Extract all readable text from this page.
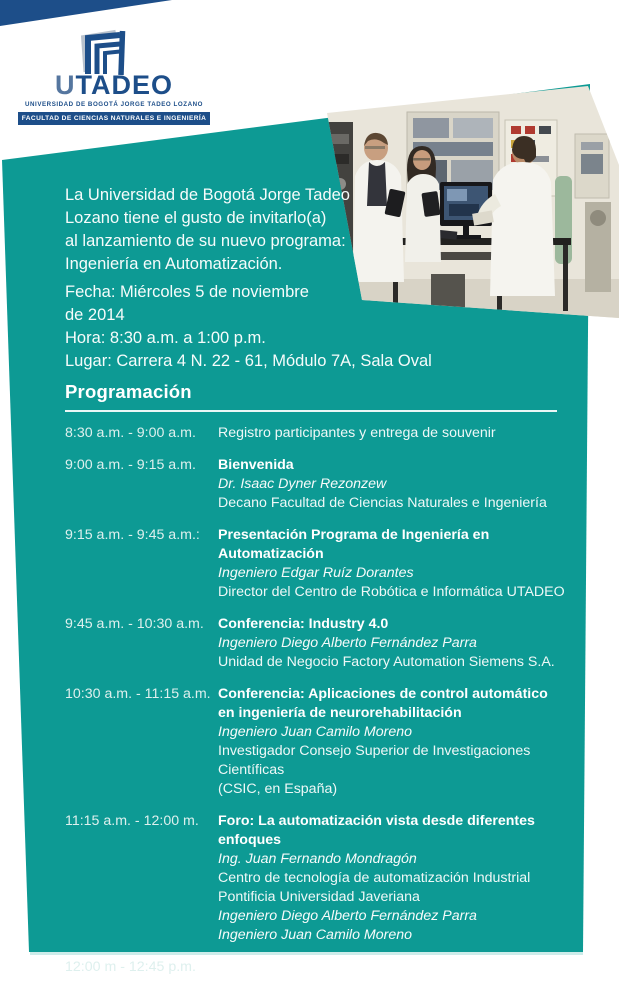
UTADEO
UNIVERSIDAD DE BOGOTÁ JORGE TADEO LOZANO
FACULTAD DE CIENCIAS NATURALES E INGENIERÍA
La Universidad de Bogotá Jorge Tadeo
Lozano tiene el gusto de invitarlo(a)
al lanzamiento de su nuevo programa:
Ingeniería en Automatización.
Fecha: Miércoles 5 de noviembre
de 2014
Hora: 8:30 a.m. a 1:00 p.m.
Lugar: Carrera 4 N. 22 - 61, Módulo 7A, Sala Oval
Programación
8:30 a.m. - 9:00 a.m.	Registro participantes y entrega de souvenir
9:00 a.m. - 9:15 a.m.	Bienvenida
Dr. Isaac Dyner Rezonzew
Decano Facultad de Ciencias Naturales e Ingeniería
9:15 a.m. - 9:45 a.m.:	Presentación Programa de Ingeniería en Automatización
Ingeniero Edgar Ruíz Dorantes
Director del Centro de Robótica e Informática UTADEO
9:45 a.m. - 10:30 a.m.	Conferencia: Industry 4.0
Ingeniero Diego Alberto Fernández Parra
Unidad de Negocio Factory Automation Siemens S.A.
10:30 a.m. - 11:15 a.m. Conferencia: Aplicaciones de control automático
en ingeniería de neurorehabilitación
Ingeniero Juan Camilo Moreno
Investigador Consejo Superior de Investigaciones Científicas
(CSIC, en España)
11:15 a.m. - 12:00 m.	Foro: La automatización vista desde diferentes enfoques
Ing. Juan Fernando Mondragón
Centro de tecnología de automatización Industrial
Pontificia Universidad Javeriana
Ingeniero Diego Alberto Fernández Parra
Ingeniero Juan Camilo Moreno
12:00 m - 12:45 p.m.	Evento social “Network”
